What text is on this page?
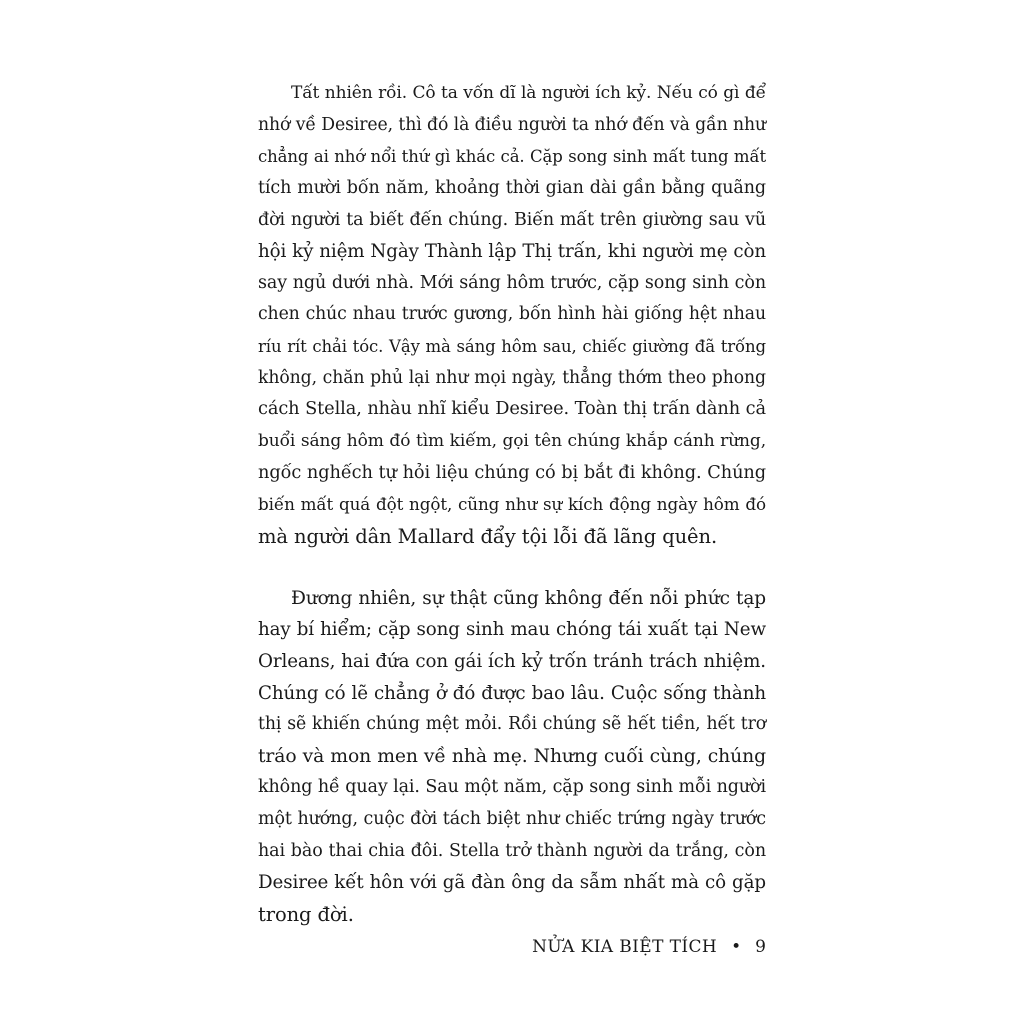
Tất nhiên rồi. Cô ta vốn dĩ là người ích kỷ. Nếu có gì để
nhớ về Desiree, thì đó là điều người ta nhớ đến và gần như
chẳng ai nhớ nổi thứ gì khác cả. Cặp song sinh mất tung mất
tích mười bốn năm, khoảng thời gian dài gần bằng quãng
đời người ta biết đến chúng. Biến mất trên giường sau vũ
hội kỷ niệm Ngày Thành lập Thị trấn, khi người mẹ còn
say ngủ dưới nhà. Mới sáng hôm trước, cặp song sinh còn
chen chúc nhau trước gương, bốn hình hài giống hệt nhau
ríu rít chải tóc. Vậy mà sáng hôm sau, chiếc giường đã trống
không, chăn phủ lại như mọi ngày, thẳng thớm theo phong
cách Stella, nhàu nhĩ kiểu Desiree. Toàn thị trấn dành cả
buổi sáng hôm đó tìm kiếm, gọi tên chúng khắp cánh rừng,
ngốc nghếch tự hỏi liệu chúng có bị bắt đi không. Chúng
biến mất quá đột ngột, cũng như sự kích động ngày hôm đó
mà người dân Mallard đẩy tội lỗi đã lãng quên.

Đương nhiên, sự thật cũng không đến nỗi phức tạp
hay bí hiểm; cặp song sinh mau chóng tái xuất tại New
Orleans, hai đứa con gái ích kỷ trốn tránh trách nhiệm.
Chúng có lẽ chẳng ở đó được bao lâu. Cuộc sống thành
thị sẽ khiến chúng mệt mỏi. Rồi chúng sẽ hết tiền, hết trơ
tráo và mon men về nhà mẹ. Nhưng cuối cùng, chúng
không hề quay lại. Sau một năm, cặp song sinh mỗi người
một hướng, cuộc đời tách biệt như chiếc trứng ngày trước
hai bào thai chia đôi. Stella trở thành người da trắng, còn
Desiree kết hôn với gã đàn ông da sẫm nhất mà cô gặp
trong đời.

NỬA KIA BIỆT TÍCH • 9
